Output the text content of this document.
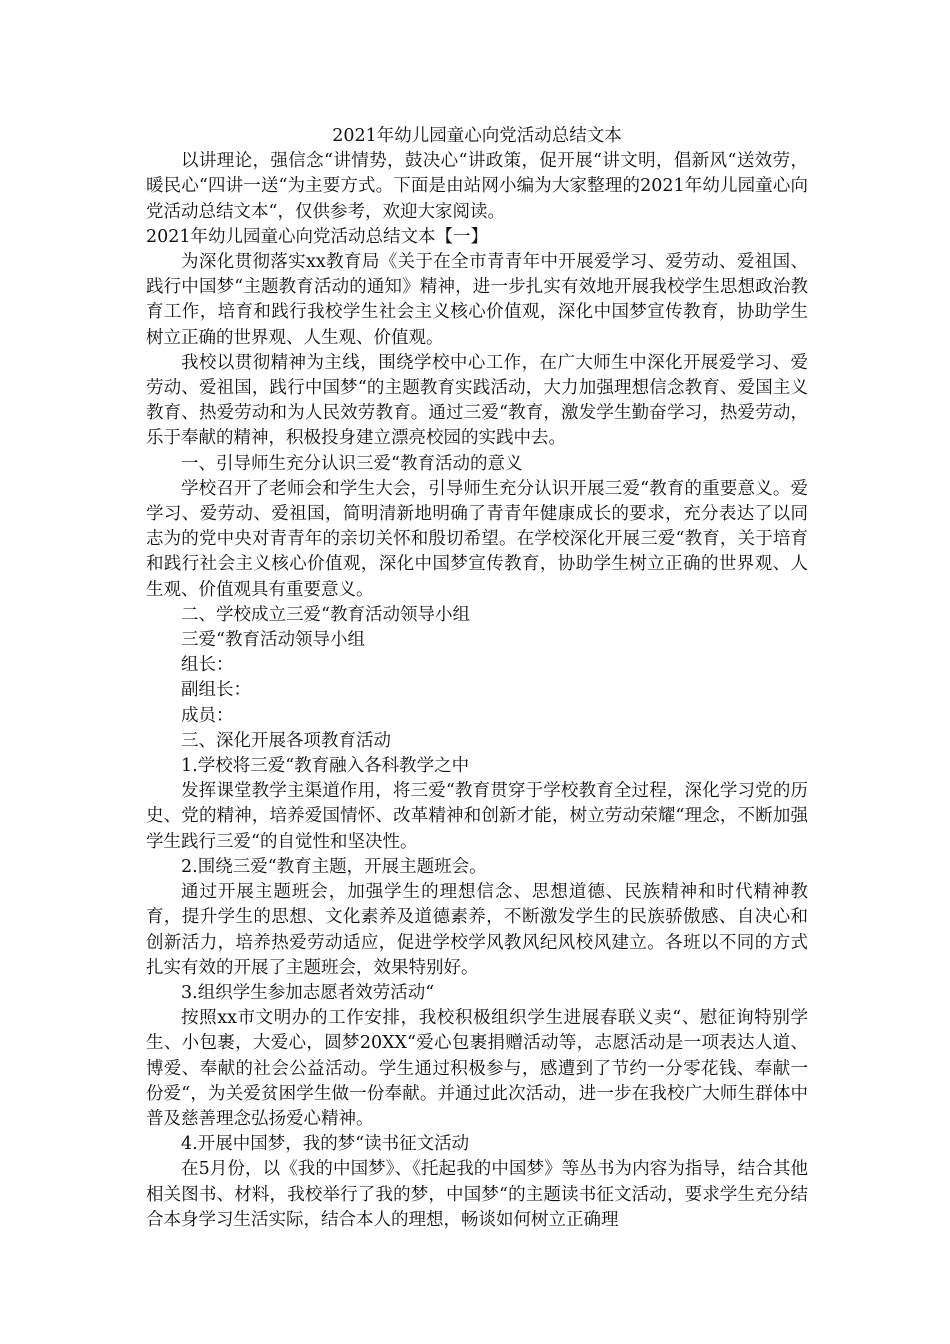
2021年幼儿园童心向党活动总结文本

以讲理论，强信念“讲情势，鼓决心“讲政策，促开展“讲文明，倡新风“送效劳，暖民心“四讲一送“为主要方式。下面是由站网小编为大家整理的2021年幼儿园童心向党活动总结文本“，仅供参考，欢迎大家阅读。

2021年幼儿园童心向党活动总结文本【一】

为深化贯彻落实xx教育局《关于在全市青青年中开展爱学习、爱劳动、爱祖国、践行中国梦“主题教育活动的通知》精神，进一步扎实有效地开展我校学生思想政治教育工作，培育和践行我校学生社会主义核心价值观，深化中国梦宣传教育，协助学生树立正确的世界观、人生观、价值观。

我校以贯彻精神为主线，围绕学校中心工作，在广大师生中深化开展爱学习、爱劳动、爱祖国，践行中国梦“的主题教育实践活动，大力加强理想信念教育、爱国主义教育、热爱劳动和为人民效劳教育。通过三爱“教育，激发学生勤奋学习，热爱劳动，乐于奉献的精神，积极投身建立漂亮校园的实践中去。

一、引导师生充分认识三爱“教育活动的意义

学校召开了老师会和学生大会，引导师生充分认识开展三爱“教育的重要意义。爱学习、爱劳动、爱祖国，简明清新地明确了青青年健康成长的要求，充分表达了以同志为的党中央对青青年的亲切关怀和殷切希望。在学校深化开展三爱“教育，关于培育和践行社会主义核心价值观，深化中国梦宣传教育，协助学生树立正确的世界观、人生观、价值观具有重要意义。

二、学校成立三爱“教育活动领导小组

三爱“教育活动领导小组

组长：

副组长：

成员：

三、深化开展各项教育活动

1.学校将三爱“教育融入各科教学之中

发挥课堂教学主渠道作用，将三爱“教育贯穿于学校教育全过程，深化学习党的历史、党的精神，培养爱国情怀、改革精神和创新才能，树立劳动荣耀“理念，不断加强学生践行三爱“的自觉性和坚决性。

2.围绕三爱“教育主题，开展主题班会。

通过开展主题班会，加强学生的理想信念、思想道德、民族精神和时代精神教育，提升学生的思想、文化素养及道德素养，不断激发学生的民族骄傲感、自决心和创新活力，培养热爱劳动适应，促进学校学风教风纪风校风建立。各班以不同的方式扎实有效的开展了主题班会，效果特别好。

3.组织学生参加志愿者效劳活动“

按照xx市文明办的工作安排，我校积极组织学生进展春联义卖“、慰征询特别学生、小包裹，大爱心，圆梦20XX“爱心包裹捐赠活动等，志愿活动是一项表达人道、博爱、奉献的社会公益活动。学生通过积极参与，感遭到了节约一分零花钱、奉献一份爱“，为关爱贫困学生做一份奉献。并通过此次活动，进一步在我校广大师生群体中普及慈善理念弘扬爱心精神。

4.开展中国梦，我的梦“读书征文活动

在5月份，以《我的中国梦》、《托起我的中国梦》等丛书为内容为指导，结合其他相关图书、材料，我校举行了我的梦，中国梦“的主题读书征文活动，要求学生充分结合本身学习生活实际，结合本人的理想，畅谈如何树立正确理
